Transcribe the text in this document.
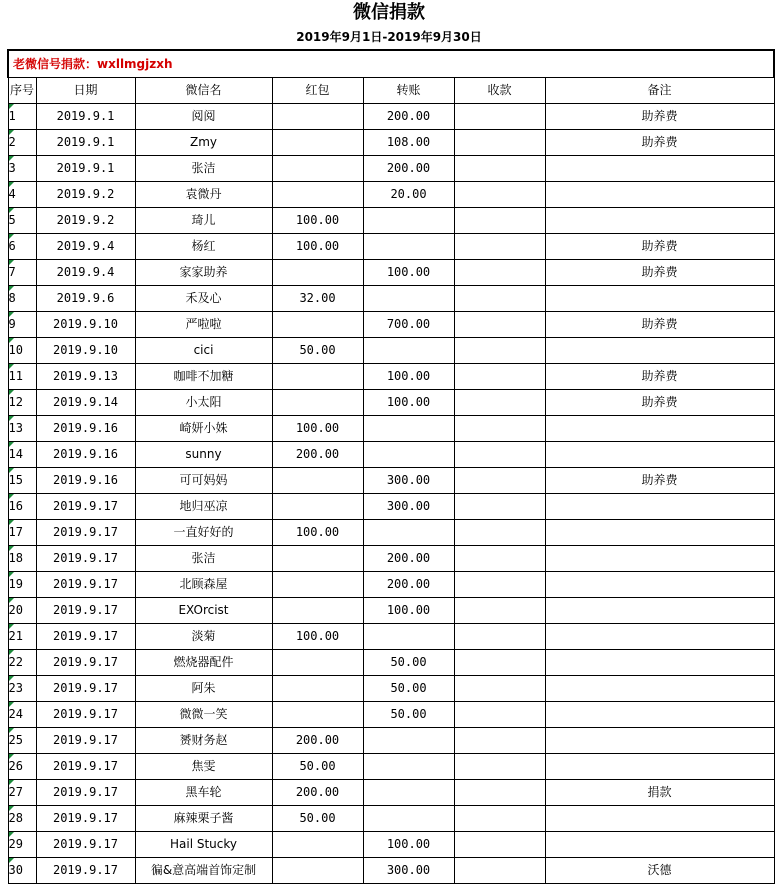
微信捐款
2019年9月1日-2019年9月30日
老微信号捐款：wxllmgjzxh						
序号	日期	微信名	红包	转账	收款	备注
1	2019.9.1	阅阅		200.00		助养费
2	2019.9.1	Zmy		108.00		助养费
3	2019.9.1	张洁		200.00		
4	2019.9.2	袁微丹		20.00		
5	2019.9.2	琦儿	100.00			
6	2019.9.4	杨红	100.00			助养费
7	2019.9.4	家家助养		100.00		助养费
8	2019.9.6	禾及心	32.00			
9	2019.9.10	严啦啦		700.00		助养费
10	2019.9.10	cici	50.00			
11	2019.9.13	咖啡不加糖		100.00		助养费
12	2019.9.14	小太阳		100.00		助养费
13	2019.9.16	崎妍小姝	100.00			
14	2019.9.16	sunny	200.00			
15	2019.9.16	可可妈妈		300.00		助养费
16	2019.9.17	地归巫凉		300.00		
17	2019.9.17	一直好好的	100.00			
18	2019.9.17	张洁		200.00		
19	2019.9.17	北顾森屋		200.00		
20	2019.9.17	EXOrcist		100.00		
21	2019.9.17	淡菊	100.00			
22	2019.9.17	燃烧器配件		50.00		
23	2019.9.17	阿朱		50.00		
24	2019.9.17	微微一笑		50.00		
25	2019.9.17	赟财务赵	200.00			
26	2019.9.17	焦雯	50.00			
27	2019.9.17	黑车轮	200.00			捐款
28	2019.9.17	麻辣栗子酱	50.00			
29	2019.9.17	Hail Stucky		100.00		
30	2019.9.17	徧&意高端首饰定制		300.00		沃德
